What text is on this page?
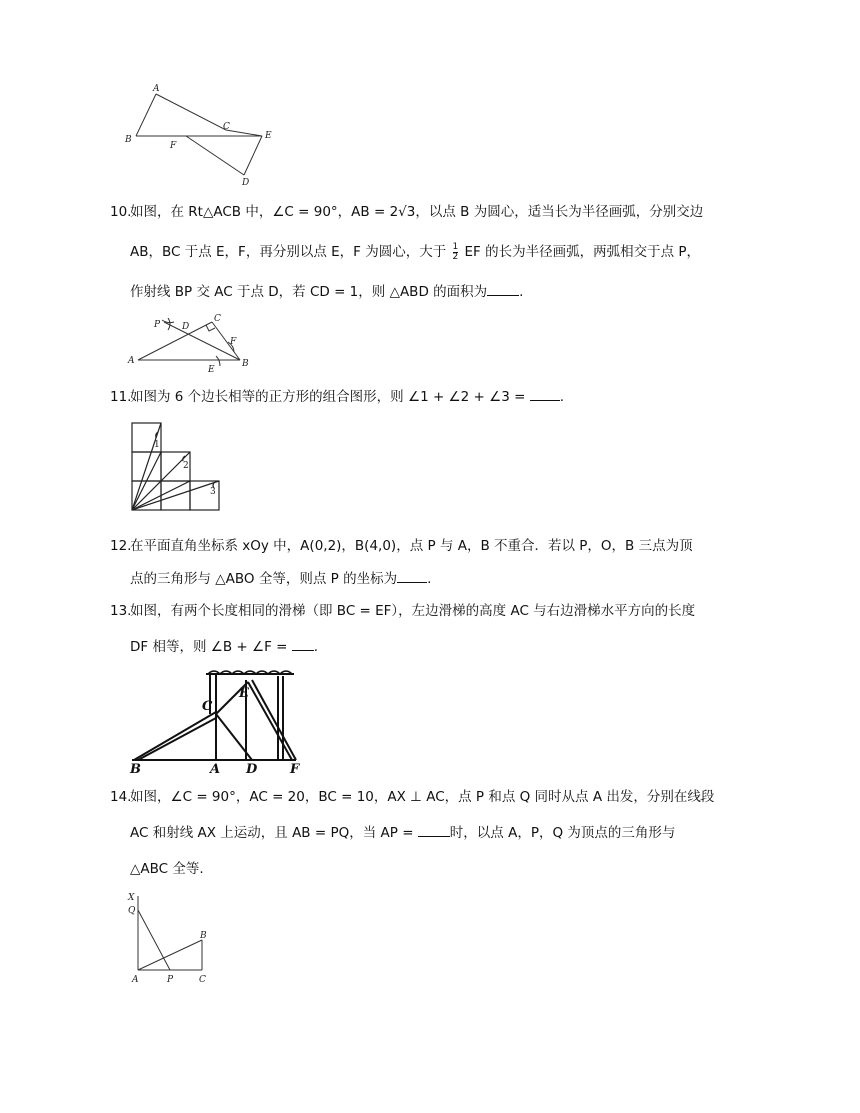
A
B
C
E
F
D
10.
如图，在 Rt△ACB 中，∠C = 90°，AB = 2√3，以点 B 为圆心，适当长为半径画弧，分别交边
AB，BC 于点 E，F，再分别以点 E，F 为圆心，大于 $\frac{1}{2}$ EF 的长为半径画弧，两弧相交于点 P，
作射线 BP 交 AC 于点 D，若 CD = 1，则 △ABD 的面积为 .
P D
C
F
A
E
B
11.
如图为 6 个边长相等的正方形的组合图形，则 ∠1 + ∠2 + ∠3 =	.
1
2
3
12.
在平面直角坐标系 xOy 中，A(0,2)，B(4,0)，点 P 与 A，B 不重合．若以 P，O，B 三点为顶
点的三角形与 △ABO 全等，则点 P 的坐标为 .
13.
如图，有两个长度相同的滑梯（即 BC = EF），左边滑梯的高度 AC 与右边滑梯水平方向的长度
DF 相等，则 ∠B + ∠F = .
C
E
B	A D	F
14.
如图，∠C = 90°，AC = 20，BC = 10，AX ⊥ AC，点 P 和点 Q 同时从点 A 出发，分别在线段
AC 和射线 AX 上运动，且 AB = PQ，当 AP =	时，以点 A，P，Q 为顶点的三角形与
△ABC 全等.
X
Q
B
A	P	C
